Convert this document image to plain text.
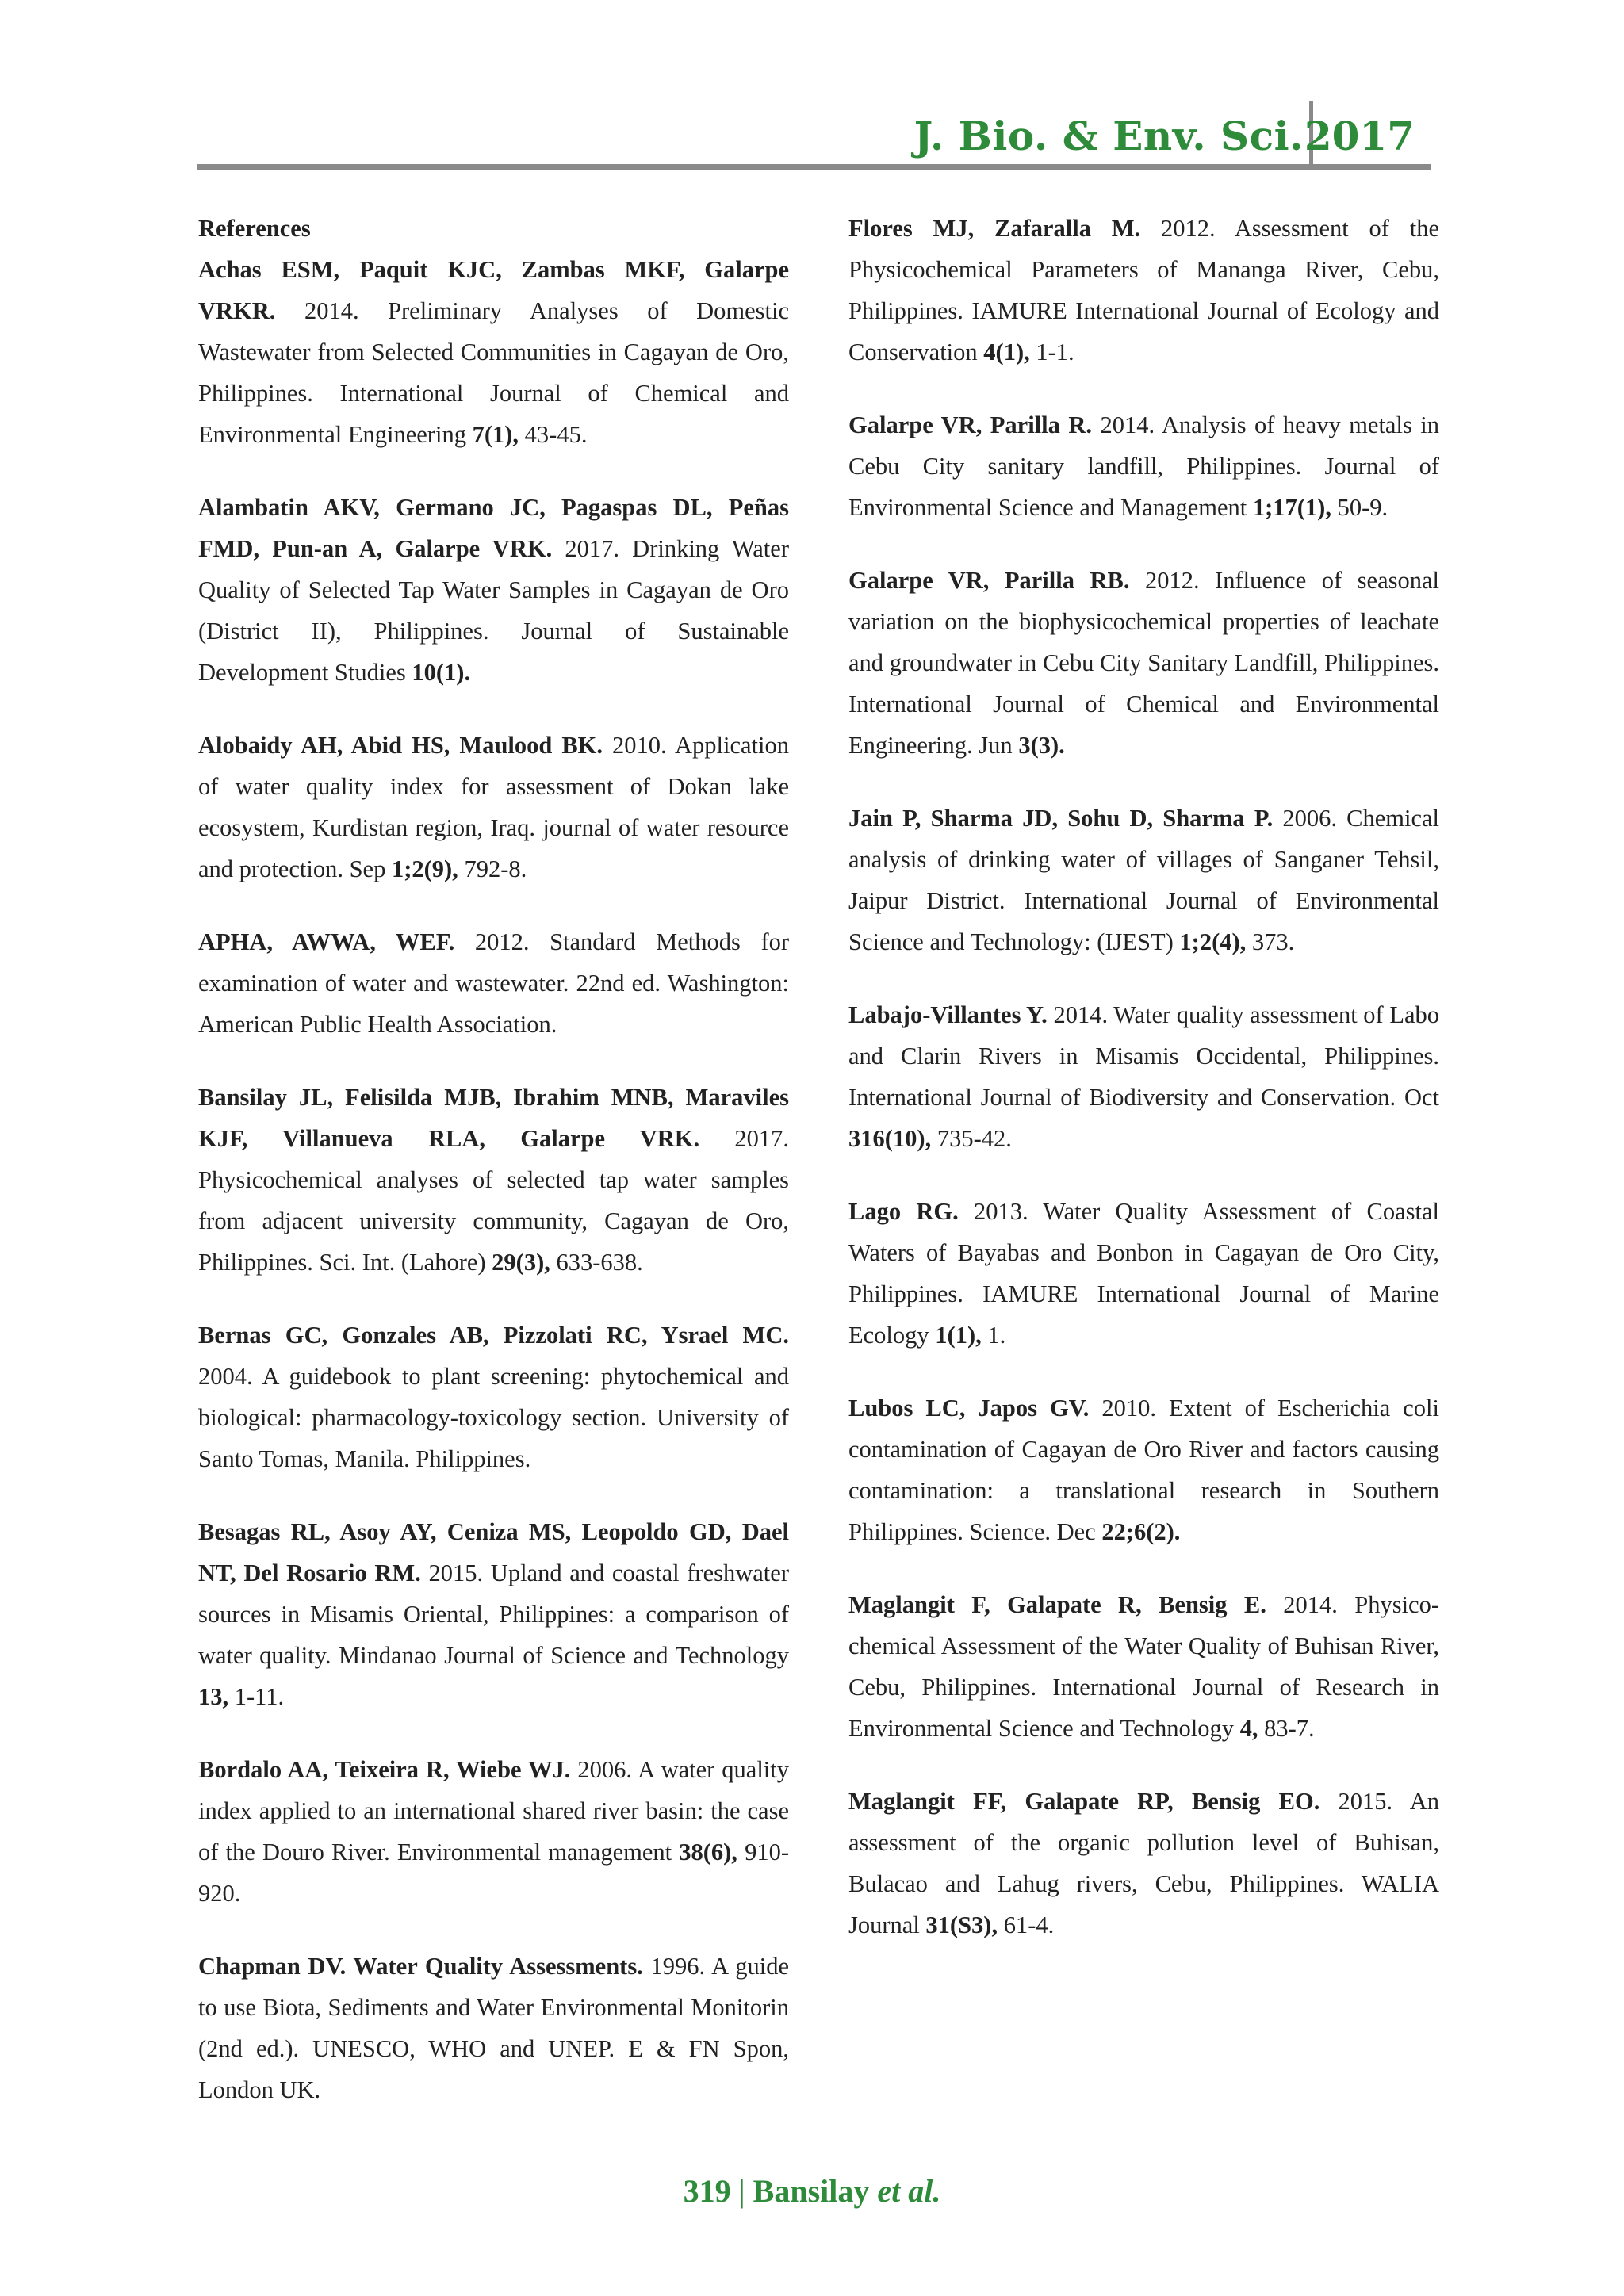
J. Bio. & Env. Sci. 2017

References

Achas ESM, Paquit KJC, Zambas MKF, Galarpe VRKR. 2014. Preliminary Analyses of Domestic Wastewater from Selected Communities in Cagayan de Oro, Philippines. International Journal of Chemical and Environmental Engineering 7(1), 43-45.

Alambatin AKV, Germano JC, Pagaspas DL, Peñas FMD, Pun-an A, Galarpe VRK. 2017. Drinking Water Quality of Selected Tap Water Samples in Cagayan de Oro (District II), Philippines. Journal of Sustainable Development Studies 10(1).

Alobaidy AH, Abid HS, Maulood BK. 2010. Application of water quality index for assessment of Dokan lake ecosystem, Kurdistan region, Iraq. journal of water resource and protection. Sep 1;2(9), 792-8.

APHA, AWWA, WEF. 2012. Standard Methods for examination of water and wastewater. 22nd ed. Washington: American Public Health Association.

Bansilay JL, Felisilda MJB, Ibrahim MNB, Maraviles KJF, Villanueva RLA, Galarpe VRK. 2017. Physicochemical analyses of selected tap water samples from adjacent university community, Cagayan de Oro, Philippines. Sci. Int. (Lahore) 29(3), 633-638.

Bernas GC, Gonzales AB, Pizzolati RC, Ysrael MC. 2004. A guidebook to plant screening: phytochemical and biological: pharmacology-toxicology section. University of Santo Tomas, Manila. Philippines.

Besagas RL, Asoy AY, Ceniza MS, Leopoldo GD, Dael NT, Del Rosario RM. 2015. Upland and coastal freshwater sources in Misamis Oriental, Philippines: a comparison of water quality. Mindanao Journal of Science and Technology 13, 1-11.

Bordalo AA, Teixeira R, Wiebe WJ. 2006. A water quality index applied to an international shared river basin: the case of the Douro River. Environmental management 38(6), 910-920.

Chapman DV. Water Quality Assessments. 1996. A guide to use Biota, Sediments and Water Environmental Monitorin (2nd ed.). UNESCO, WHO and UNEP. E & FN Spon, London UK.

Flores MJ, Zafaralla M. 2012. Assessment of the Physicochemical Parameters of Mananga River, Cebu, Philippines. IAMURE International Journal of Ecology and Conservation 4(1), 1-1.

Galarpe VR, Parilla R. 2014. Analysis of heavy metals in Cebu City sanitary landfill, Philippines. Journal of Environmental Science and Management 1;17(1), 50-9.

Galarpe VR, Parilla RB. 2012. Influence of seasonal variation on the biophysicochemical properties of leachate and groundwater in Cebu City Sanitary Landfill, Philippines. International Journal of Chemical and Environmental Engineering. Jun 3(3).

Jain P, Sharma JD, Sohu D, Sharma P. 2006. Chemical analysis of drinking water of villages of Sanganer Tehsil, Jaipur District. International Journal of Environmental Science and Technology: (IJEST) 1;2(4), 373.

Labajo-Villantes Y. 2014. Water quality assessment of Labo and Clarin Rivers in Misamis Occidental, Philippines. International Journal of Biodiversity and Conservation. Oct 316(10), 735-42.

Lago RG. 2013. Water Quality Assessment of Coastal Waters of Bayabas and Bonbon in Cagayan de Oro City, Philippines. IAMURE International Journal of Marine Ecology 1(1), 1.

Lubos LC, Japos GV. 2010. Extent of Escherichia coli contamination of Cagayan de Oro River and factors causing contamination: a translational research in Southern Philippines. Science. Dec 22;6(2).

Maglangit F, Galapate R, Bensig E. 2014. Physico-chemical Assessment of the Water Quality of Buhisan River, Cebu, Philippines. International Journal of Research in Environmental Science and Technology 4, 83-7.

Maglangit FF, Galapate RP, Bensig EO. 2015. An assessment of the organic pollution level of Buhisan, Bulacao and Lahug rivers, Cebu, Philippines. WALIA Journal 31(S3), 61-4.

319 | Bansilay et al.
